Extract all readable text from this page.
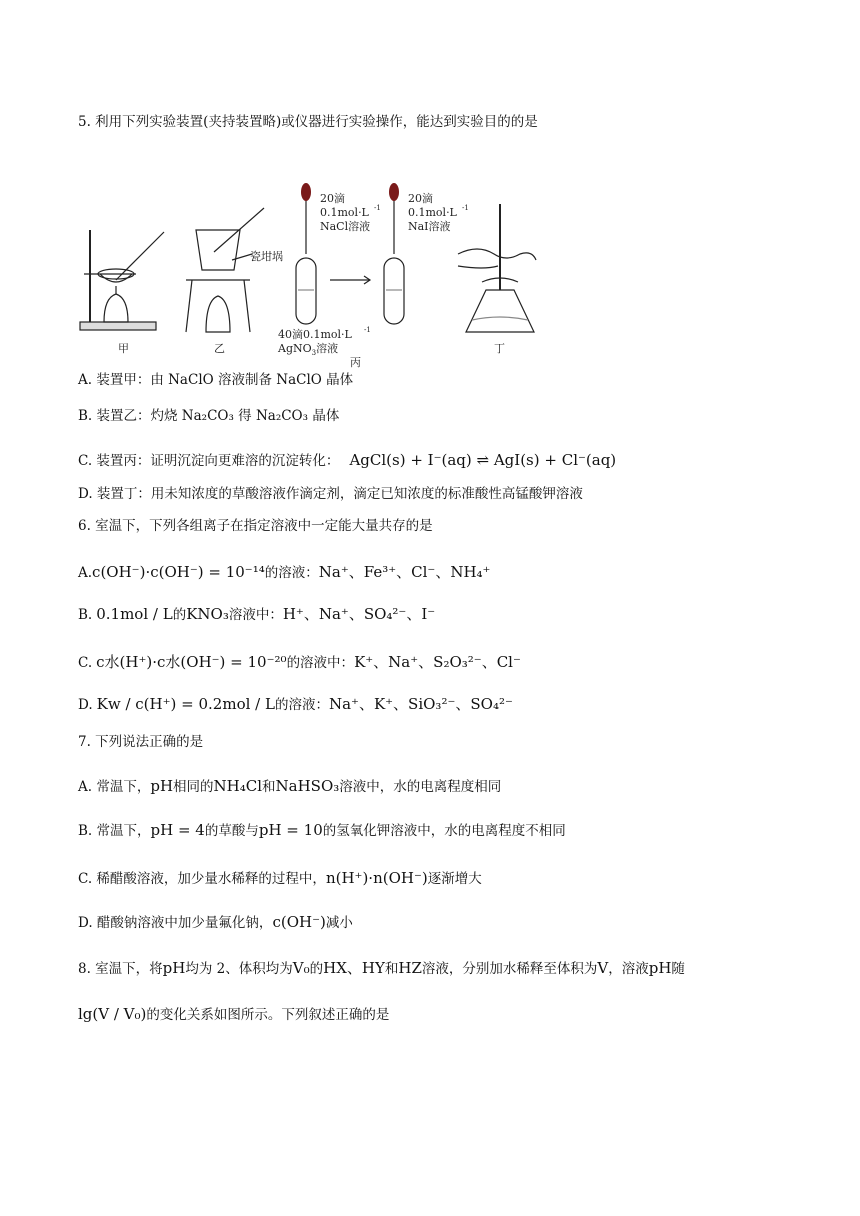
5. 利用下列实验装置(夹持装置略)或仪器进行实验操作，能达到实验目的的是
瓷坩埚
20滴
0.1mol·L -1
NaCl溶液
20滴
0.1mol·L -1
NaI溶液
40滴0.1mol·L -1
AgNO$_3$溶液
甲	乙
丙
丁
A. 装置甲：由 NaClO 溶液制备 NaClO 晶体
B. 装置乙：灼烧 Na₂CO₃ 得 Na₂CO₃ 晶体
C. 装置丙：证明沉淀向更难溶的沉淀转化： AgCl(s) + I⁻(aq) ⇌ AgI(s) + Cl⁻(aq)
D. 装置丁：用未知浓度的草酸溶液作滴定剂，滴定已知浓度的标准酸性高锰酸钾溶液
6. 室温下，下列各组离子在指定溶液中一定能大量共存的是
A.c(OH⁻)·c(OH⁻) = 10⁻¹⁴的溶液：Na⁺、Fe³⁺、Cl⁻、NH₄⁺
B. 0.1mol / L的KNO₃溶液中：H⁺、Na⁺、SO₄²⁻、I⁻
C. c水(H⁺)·c水(OH⁻) = 10⁻²⁰的溶液中：K⁺、Na⁺、S₂O₃²⁻、Cl⁻
D. Kw / c(H⁺) = 0.2mol / L的溶液：Na⁺、K⁺、SiO₃²⁻、SO₄²⁻
7. 下列说法正确的是
A. 常温下，pH相同的NH₄Cl和NaHSO₃溶液中，水的电离程度相同
B. 常温下，pH = 4的草酸与pH = 10的氢氧化钾溶液中，水的电离程度不相同
C. 稀醋酸溶液，加少量水稀释的过程中，n(H⁺)·n(OH⁻)逐渐增大
D. 醋酸钠溶液中加少量氟化钠，c(OH⁻)减小
8. 室温下，将pH均为 2、体积均为V₀的HX、HY和HZ溶液，分别加水稀释至体积为V，溶液pH随
lg(V / V₀)的变化关系如图所示。下列叙述正确的是
